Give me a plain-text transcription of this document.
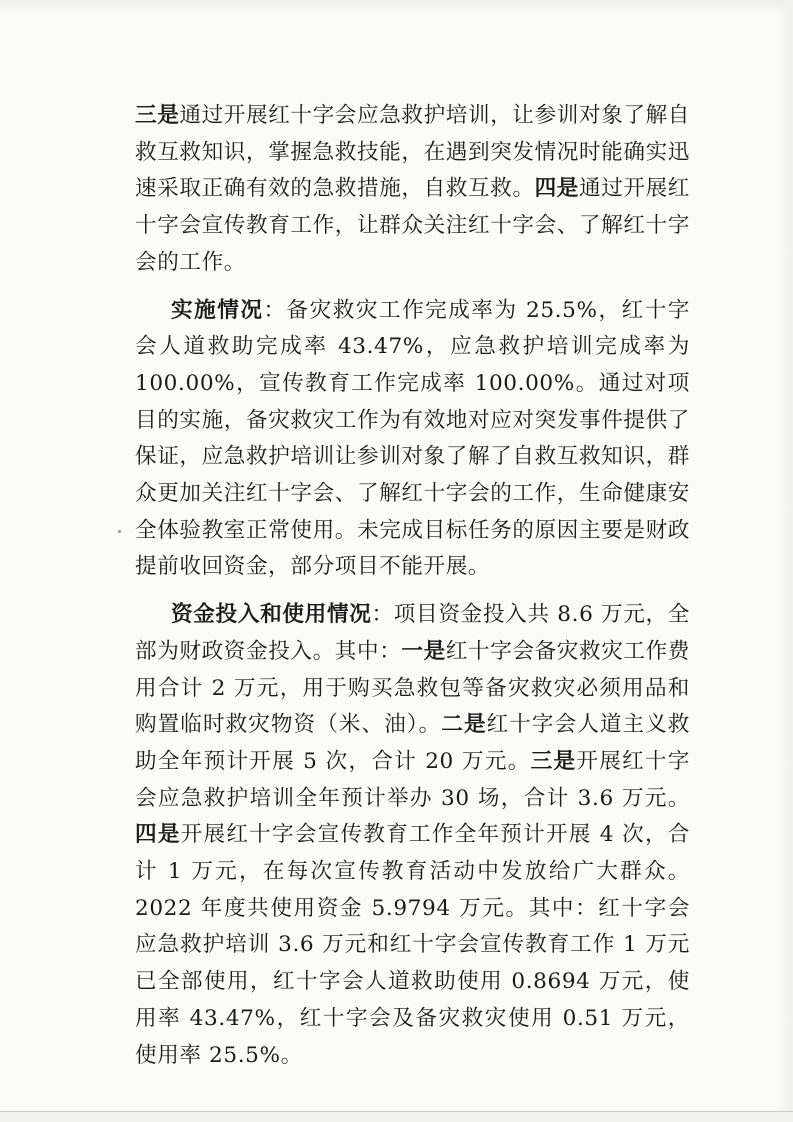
三是通过开展红十字会应急救护培训，让参训对象了解自救互救知识，掌握急救技能，在遇到突发情况时能确实迅速采取正确有效的急救措施，自救互救。四是通过开展红十字会宣传教育工作，让群众关注红十字会、了解红十字会的工作。

实施情况：备灾救灾工作完成率为 25.5%，红十字会人道救助完成率 43.47%，应急救护培训完成率为 100.00%，宣传教育工作完成率 100.00%。通过对项目的实施，备灾救灾工作为有效地对应对突发事件提供了保证，应急救护培训让参训对象了解了自救互救知识，群众更加关注红十字会、了解红十字会的工作，生命健康安全体验教室正常使用。未完成目标任务的原因主要是财政提前收回资金，部分项目不能开展。

资金投入和使用情况：项目资金投入共 8.6 万元，全部为财政资金投入。其中：一是红十字会备灾救灾工作费用合计 2 万元，用于购买急救包等备灾救灾必须用品和购置临时救灾物资（米、油）。二是红十字会人道主义救助全年预计开展 5 次，合计 20 万元。三是开展红十字会应急救护培训全年预计举办 30 场，合计 3.6 万元。四是开展红十字会宣传教育工作全年预计开展 4 次，合计 1 万元，在每次宣传教育活动中发放给广大群众。2022 年度共使用资金 5.9794 万元。其中：红十字会应急救护培训 3.6 万元和红十字会宣传教育工作 1 万元已全部使用，红十字会人道救助使用 0.8694 万元，使用率 43.47%，红十字会及备灾救灾使用 0.51 万元，使用率 25.5%。
